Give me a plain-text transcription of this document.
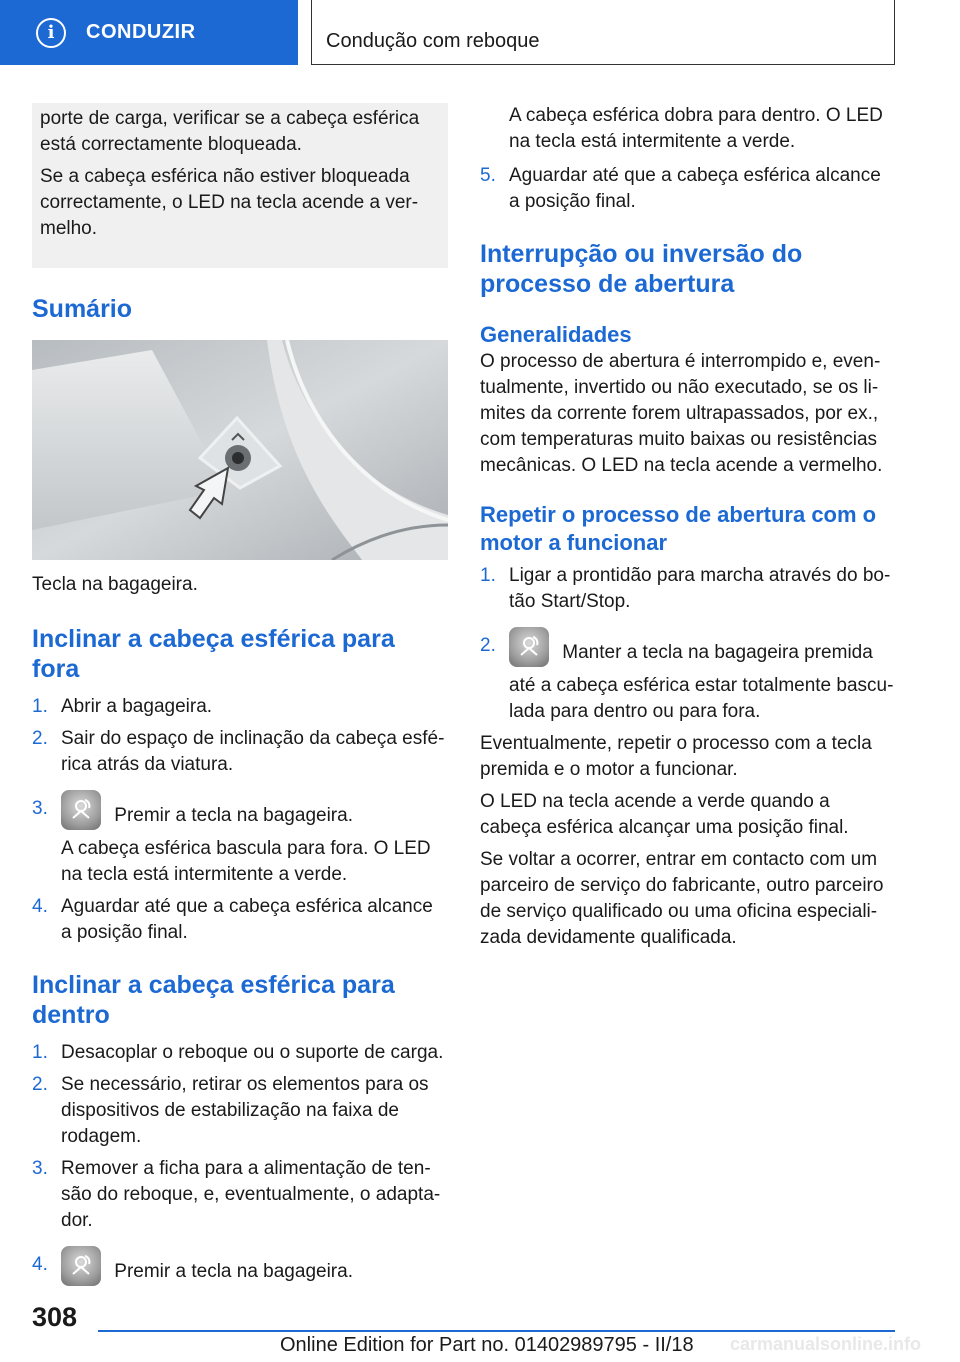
i	CONDUZIR	Condução com reboque

porte de carga, verificar se a cabeça esférica está correctamente bloqueada.

Se a cabeça esférica não estiver bloqueada correctamente, o LED na tecla acende a vermelho.

Sumário

Tecla na bagageira.

Inclinar a cabeça esférica para fora
1. Abrir a bagageira.
2. Sair do espaço de inclinação da cabeça esférica atrás da viatura.
3.	Premir a tecla na bagageira.

A cabeça esférica bascula para fora. O LED na tecla está intermitente a verde.

4. Aguardar até que a cabeça esférica alcance a posição final.
Inclinar a cabeça esférica para dentro
1. Desacoplar o reboque ou o suporte de carga.
2. Se necessário, retirar os elementos para os dispositivos de estabilização na faixa de rodagem.
3. Remover a ficha para a alimentação de tensão do reboque, e, eventualmente, o adaptador.
4.	Premir a tecla na bagageira.

A cabeça esférica dobra para dentro. O LED na tecla está intermitente a verde.

5. Aguardar até que a cabeça esférica alcance a posição final.
Interrupção ou inversão do processo de abertura
Generalidades

O processo de abertura é interrompido e, eventualmente, invertido ou não executado, se os limites da corrente forem ultrapassados, por ex., com temperaturas muito baixas ou resistências mecânicas. O LED na tecla acende a vermelho.

Repetir o processo de abertura com o motor a funcionar
1. Ligar a prontidão para marcha através do botão Start/Stop.
2.	Manter a tecla na bagageira premida até a cabeça esférica estar totalmente basculada para dentro ou para fora.

Eventualmente, repetir o processo com a tecla premida e o motor a funcionar.

O LED na tecla acende a verde quando a cabeça esférica alcançar uma posição final.

Se voltar a ocorrer, entrar em contacto com um parceiro de serviço do fabricante, outro parceiro de serviço qualificado ou uma oficina especializada devidamente qualificada.

308
Online Edition for Part no. 01402989795 - II/18 carmanualsonline.info
